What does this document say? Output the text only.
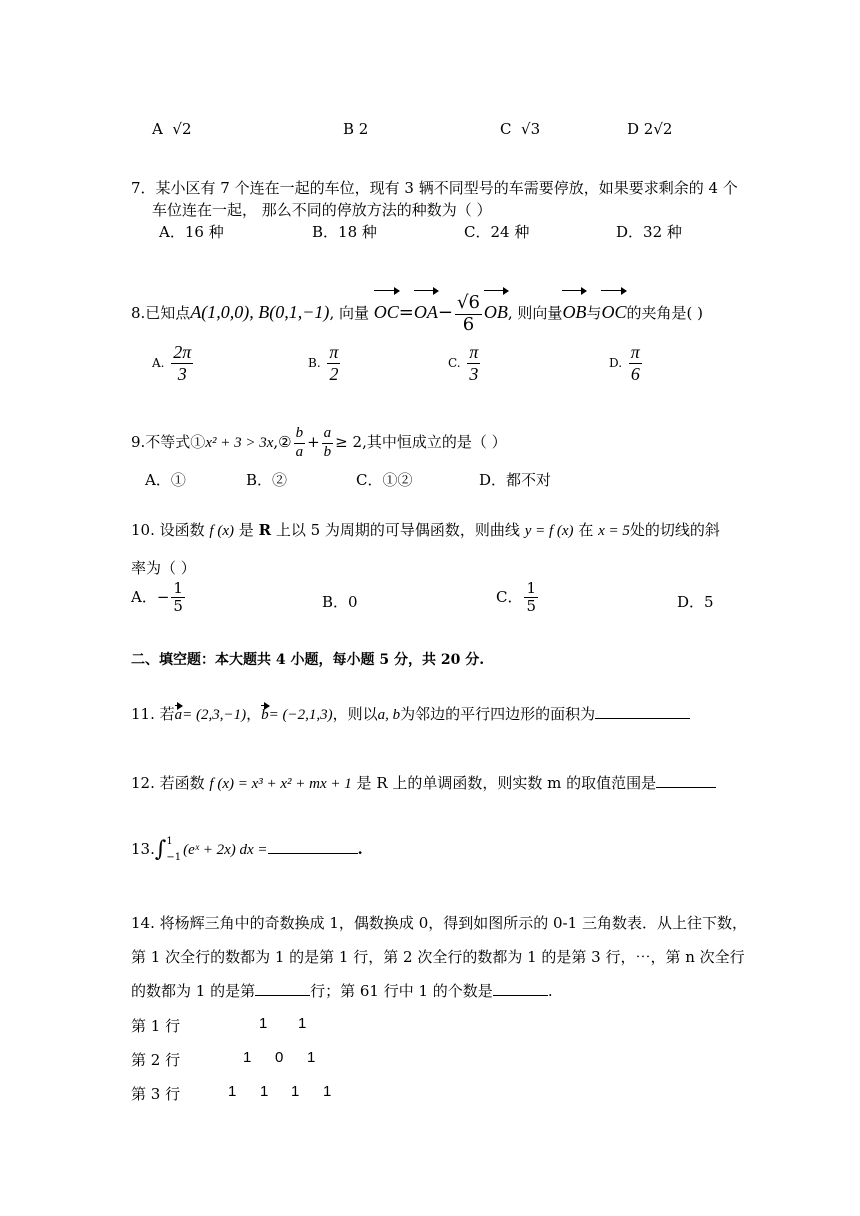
A √2	B 2	C √3	D 2√2
7．某小区有 7 个连在一起的车位，现有 3 辆不同型号的车需要停放，如果要求剩余的 4 个
车位连在一起， 那么不同的停放方法的种数为（ ）
A．16 种	B．18 种	C．24 种	D．32 种
8.已知点A(1,0,0), B(0,1,−1), 向量 $OC=OA- \frac{√6}{6}$ OB, 则向量OB与OC的夹角是( )
A. $\frac{2\pi}{3}$	B. $\frac{\pi}{2}$	C. $\frac{\pi}{3}$	D. $\frac{\pi}{6}$
9.不等式①x² + 3 > 3x,② $\frac{b}{a} + \frac{a}{b} \ge 2$,其中恒成立的是（ ）
A．①	B．②	C．①②	D．都不对
10. 设函数 f (x) 是 R 上以 5 为周期的可导偶函数，则曲线 y = f (x) 在 x = 5处的切线的斜
率为（ ）
A．− $\frac{1}{5}$	B．0	C． $\frac{1}{5}$	D．5
二、填空题：本大题共 4 小题，每小题 5 分，共 20 分.
11. 若a= (2,3,−1)，b= (−2,1,3)，则以a, b为邻边的平行四边形的面积为
12. 若函数 f (x) = x³ + x² + mx + 1 是 R 上的单调函数，则实数 m 的取值范围是
13.∫ 1
−1 (eˣ + 2x) dx =	.
14. 将杨辉三角中的奇数换成 1，偶数换成 0，得到如图所示的 0-1 三角数表．从上往下数，
第 1 次全行的数都为 1 的是第 1 行，第 2 次全行的数都为 1 的是第 3 行，⋯，第 n 次全行
的数都为 1 的是第	行；第 61 行中 1 的个数是	.
第 1 行	1 1
第 2 行	1 0 1
第 3 行	1 1 1 1
